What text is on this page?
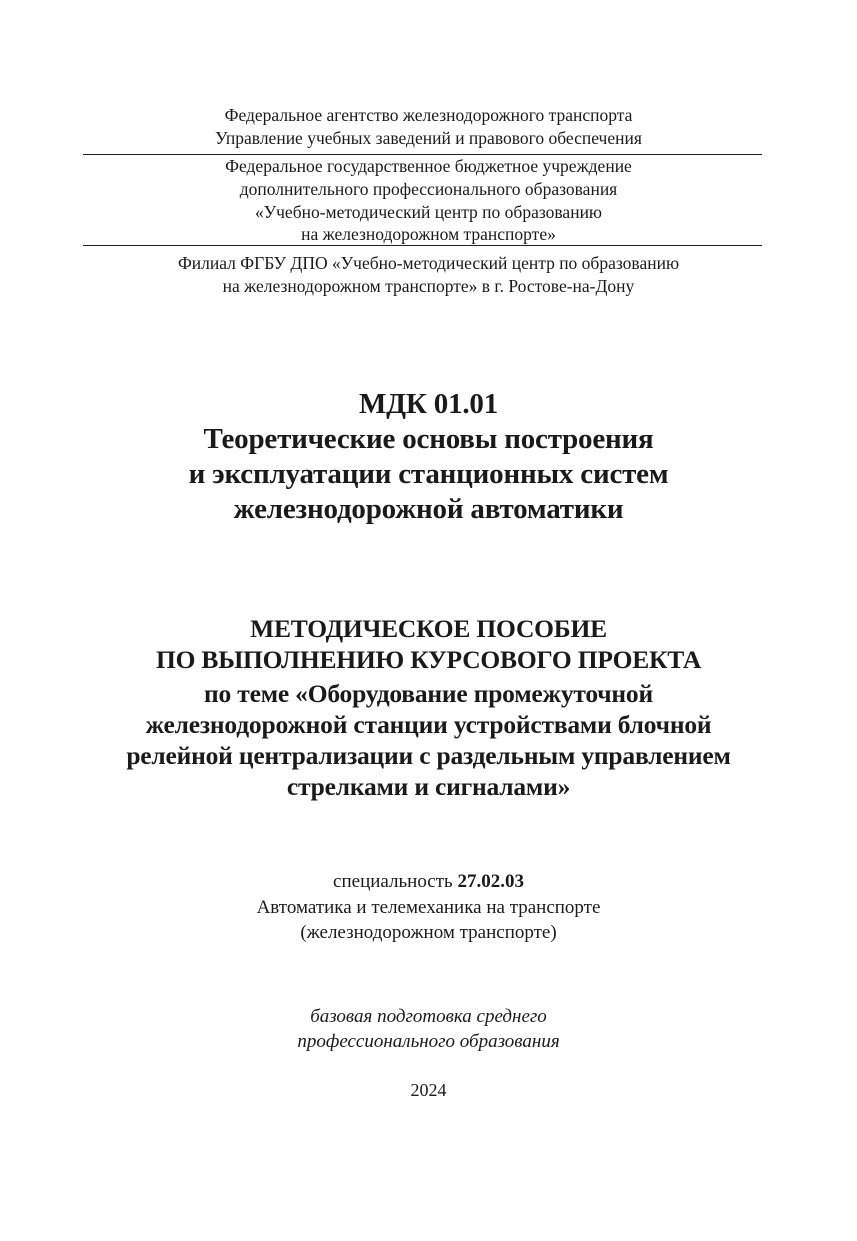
Федеральное агентство железнодорожного транспорта
Управление учебных заведений и правового обеспечения
Федеральное государственное бюджетное учреждение
дополнительного профессионального образования
«Учебно-методический центр по образованию
на железнодорожном транспорте»
Филиал ФГБУ ДПО «Учебно-методический центр по образованию
на железнодорожном транспорте» в г. Ростове-на-Дону
МДК 01.01
Теоретические основы построения
и эксплуатации станционных систем
железнодорожной автоматики
МЕТОДИЧЕСКОЕ ПОСОБИЕ
ПО ВЫПОЛНЕНИЮ КУРСОВОГО ПРОЕКТА
по теме «Оборудование промежуточной
железнодорожной станции устройствами блочной
релейной централизации с раздельным управлением
стрелками и сигналами»
специальность 27.02.03
Автоматика и телемеханика на транспорте
(железнодорожном транспорте)
базовая подготовка среднего
профессионального образования
2024
